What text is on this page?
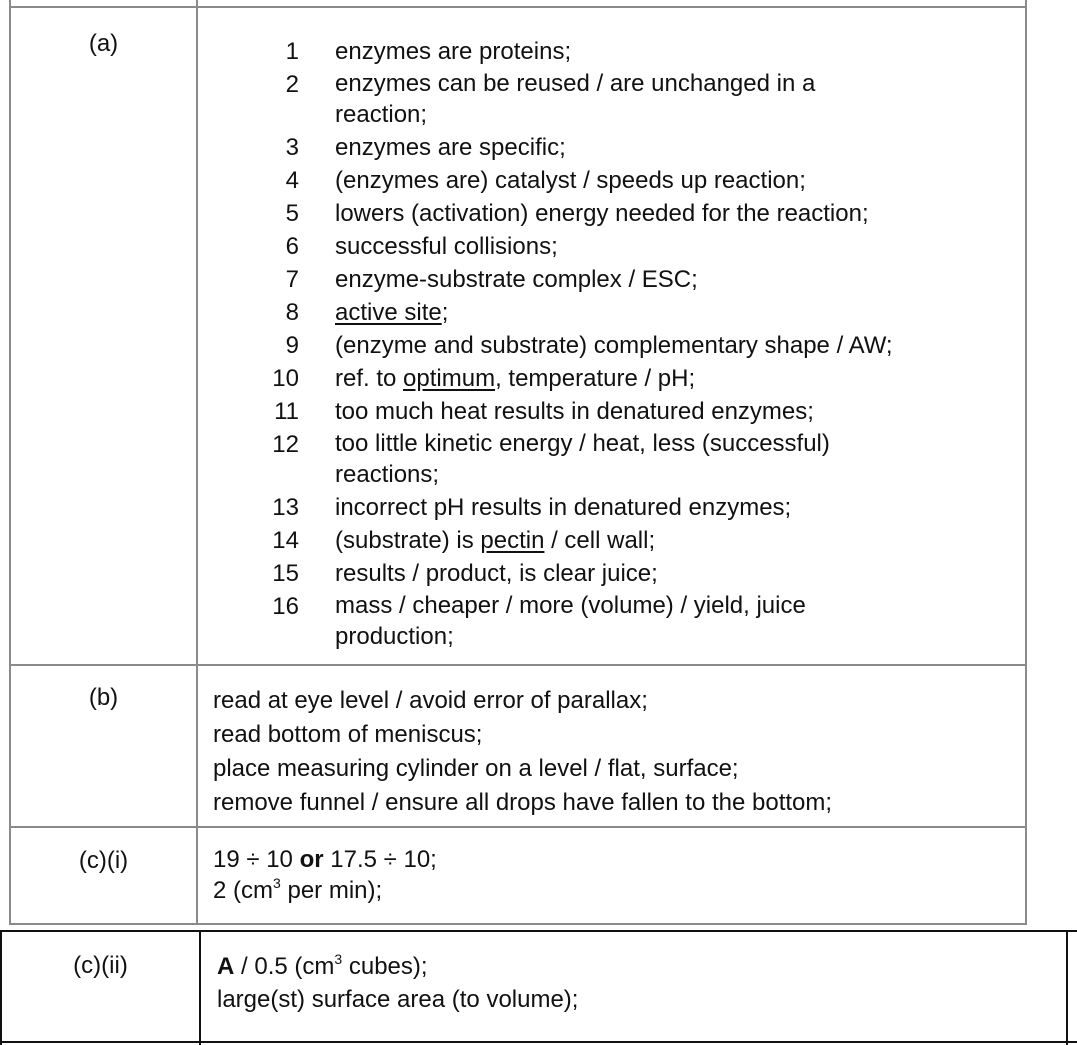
(a)	1 enzymes are proteins;
2 enzymes can be reused / are unchanged in a
reaction;
3 enzymes are specific;
4 (enzymes are) catalyst / speeds up reaction;
5 lowers (activation) energy needed for the reaction;
6 successful collisions;
7 enzyme-substrate complex / ESC;
8 active site;
9 (enzyme and substrate) complementary shape / AW;
10 ref. to optimum, temperature / pH;
11 too much heat results in denatured enzymes;
12 too little kinetic energy / heat, less (successful)
reactions;
13 incorrect pH results in denatured enzymes;
14 (substrate) is pectin / cell wall;
15 results / product, is clear juice;
16 mass / cheaper / more (volume) / yield, juice
production;
(b)	read at eye level / avoid error of parallax;
read bottom of meniscus;
place measuring cylinder on a level / flat, surface;
remove funnel / ensure all drops have fallen to the bottom;
(c)(i)	19 ÷ 10 or 17.5 ÷ 10;
2 ($cm^3$ per min);
(c)(ii)	A / 0.5 ($cm^3$ cubes);
large(st) surface area (to volume);
